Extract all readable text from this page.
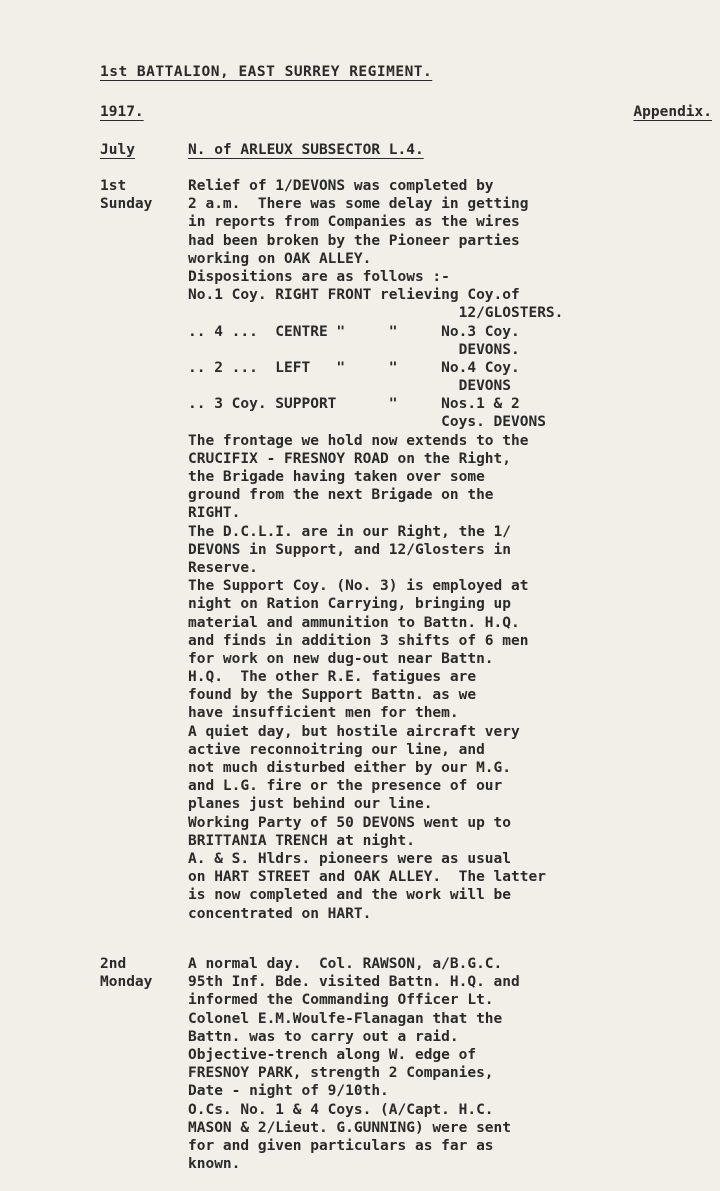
1st BATTALION, EAST SURREY REGIMENT.
1917.	Appendix.
July	N. of ARLEUX SUBSECTOR L.4.
1st
Sunday
Relief of 1/DEVONS was completed by
2 a.m.  There was some delay in getting
in reports from Companies as the wires
had been broken by the Pioneer parties
working on OAK ALLEY.
Dispositions are as follows :-
No.1 Coy. RIGHT FRONT relieving Coy.of
12/GLOSTERS.
.. 4 ...  CENTRE "     "     No.3 Coy.
DEVONS.
.. 2 ...  LEFT   "     "     No.4 Coy.
DEVONS
.. 3 Coy. SUPPORT      "     Nos.1 & 2
Coys. DEVONS
The frontage we hold now extends to the
CRUCIFIX - FRESNOY ROAD on the Right,
the Brigade having taken over some
ground from the next Brigade on the
RIGHT.
The D.C.L.I. are in our Right, the 1/
DEVONS in Support, and 12/Glosters in
Reserve.
The Support Coy. (No. 3) is employed at
night on Ration Carrying, bringing up
material and ammunition to Battn. H.Q.
and finds in addition 3 shifts of 6 men
for work on new dug-out near Battn.
H.Q.  The other R.E. fatigues are
found by the Support Battn. as we
have insufficient men for them.
A quiet day, but hostile aircraft very
active reconnoitring our line, and
not much disturbed either by our M.G.
and L.G. fire or the presence of our
planes just behind our line.
Working Party of 50 DEVONS went up to
BRITTANIA TRENCH at night.
A. & S. Hldrs. pioneers were as usual
on HART STREET and OAK ALLEY.  The latter
is now completed and the work will be
concentrated on HART.
2nd
Monday
A normal day.  Col. RAWSON, a/B.G.C.
95th Inf. Bde. visited Battn. H.Q. and
informed the Commanding Officer Lt.
Colonel E.M.Woulfe-Flanagan that the
Battn. was to carry out a raid.
Objective-trench along W. edge of
FRESNOY PARK, strength 2 Companies,
Date - night of 9/10th.
O.Cs. No. 1 & 4 Coys. (A/Capt. H.C.
MASON & 2/Lieut. G.GUNNING) were sent
for and given particulars as far as
known.
